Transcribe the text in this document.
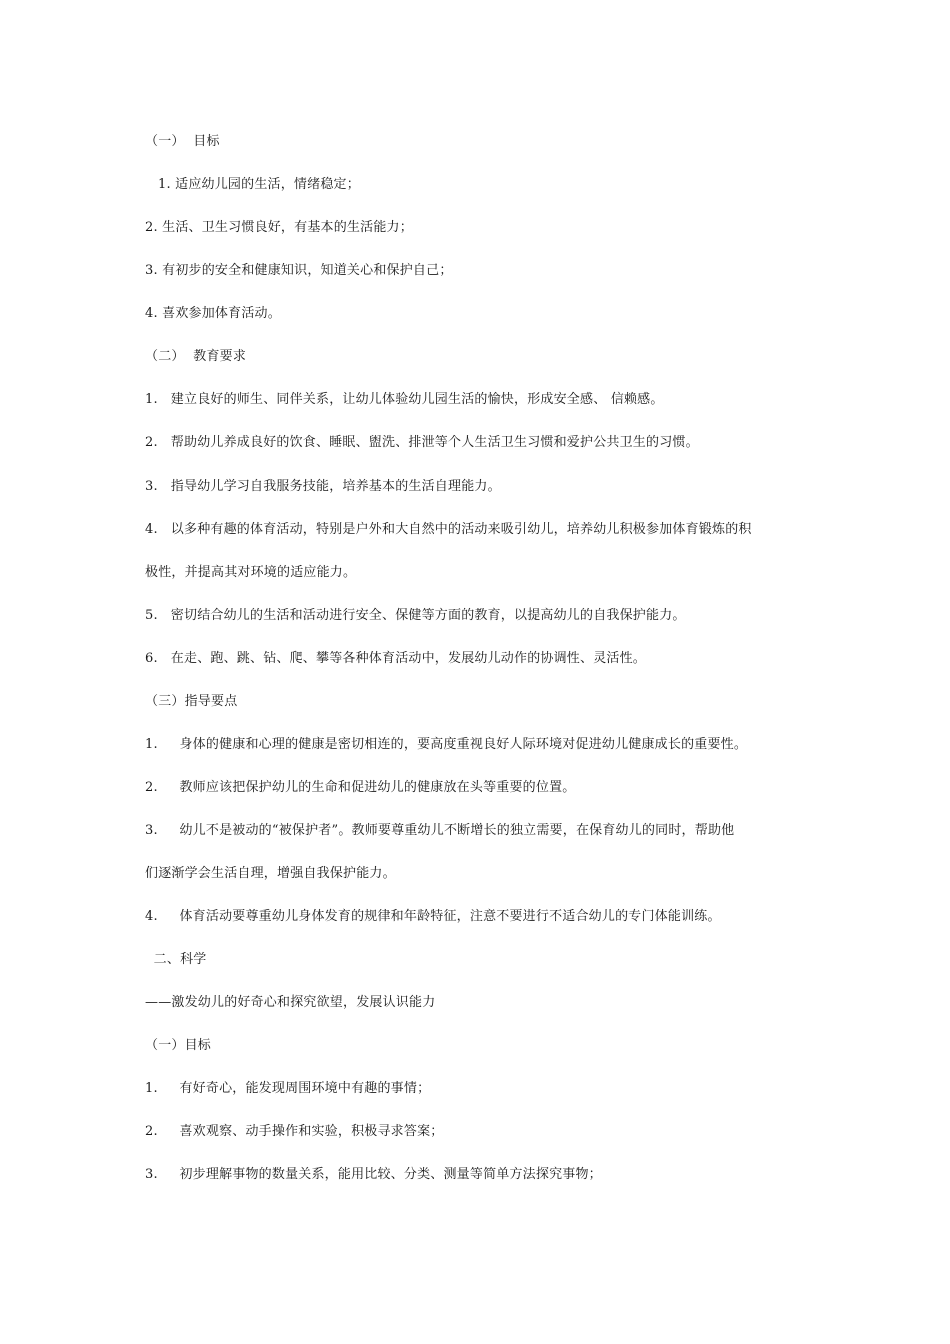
（一）  目标
1. 适应幼儿园的生活，情绪稳定；
2. 生活、卫生习惯良好，有基本的生活能力；
3. 有初步的安全和健康知识，知道关心和保护自己；
4. 喜欢参加体育活动。
（二）  教育要求
1.   建立良好的师生、同伴关系，让幼儿体验幼儿园生活的愉快，形成安全感、 信赖感。
2.   帮助幼儿养成良好的饮食、睡眠、盥洗、排泄等个人生活卫生习惯和爱护公共卫生的习惯。
3.   指导幼儿学习自我服务技能，培养基本的生活自理能力。
4.   以多种有趣的体育活动，特别是户外和大自然中的活动来吸引幼儿，培养幼儿积极参加体育锻炼的积
极性，并提高其对环境的适应能力。
5.   密切结合幼儿的生活和活动进行安全、保健等方面的教育，以提高幼儿的自我保护能力。
6.   在走、跑、跳、钻、爬、攀等各种体育活动中，发展幼儿动作的协调性、灵活性。
（三）指导要点
1.     身体的健康和心理的健康是密切相连的，要高度重视良好人际环境对促进幼儿健康成长的重要性。
2.     教师应该把保护幼儿的生命和促进幼儿的健康放在头等重要的位置。
3.     幼儿不是被动的“被保护者”。教师要尊重幼儿不断增长的独立需要，在保育幼儿的同时，帮助他
们逐渐学会生活自理，增强自我保护能力。
4.     体育活动要尊重幼儿身体发育的规律和年龄特征，注意不要进行不适合幼儿的专门体能训练。
二、科学
——激发幼儿的好奇心和探究欲望，发展认识能力
（一）目标
1.     有好奇心，能发现周围环境中有趣的事情；
2.     喜欢观察、动手操作和实验，积极寻求答案；
3.     初步理解事物的数量关系，能用比较、分类、测量等简单方法探究事物；
